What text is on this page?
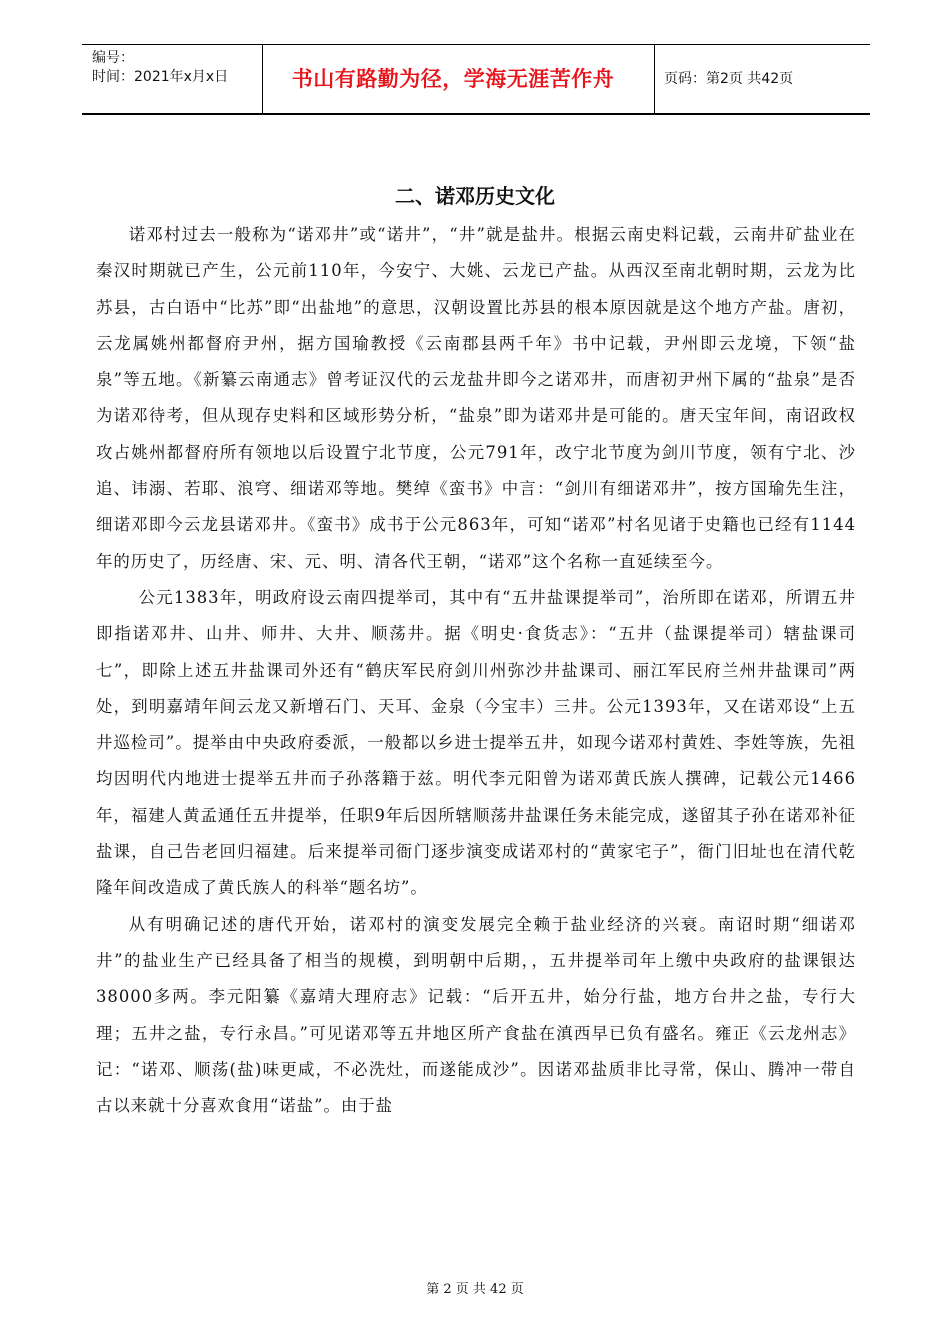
编号：
时间：2021年x月x日	书山有路勤为径，学海无涯苦作舟	页码：第2页 共42页
二、诺邓历史文化

诺邓村过去一般称为“诺邓井”或“诺井”，“井”就是盐井。根据云南史料记载，云南井矿盐业在秦汉时期就已产生，公元前110年，今安宁、大姚、云龙已产盐。从西汉至南北朝时期，云龙为比苏县，古白语中“比苏”即“出盐地”的意思，汉朝设置比苏县的根本原因就是这个地方产盐。唐初，云龙属姚州都督府尹州，据方国瑜教授《云南郡县两千年》书中记载，尹州即云龙境，下领“盐泉”等五地。《新纂云南通志》曾考证汉代的云龙盐井即今之诺邓井，而唐初尹州下属的“盐泉”是否为诺邓待考，但从现存史料和区域形势分析，“盐泉”即为诺邓井是可能的。唐天宝年间，南诏政权攻占姚州都督府所有领地以后设置宁北节度，公元791年，改宁北节度为剑川节度，领有宁北、沙追、讳溺、若耶、浪穹、细诺邓等地。樊绰《蛮书》中言：“剑川有细诺邓井”，按方国瑜先生注，细诺邓即今云龙县诺邓井。《蛮书》成书于公元863年，可知“诺邓”村名见诸于史籍也已经有1144年的历史了，历经唐、宋、元、明、清各代王朝，“诺邓”这个名称一直延续至今。

公元1383年，明政府设云南四提举司，其中有“五井盐课提举司”，治所即在诺邓，所谓五井即指诺邓井、山井、师井、大井、顺荡井。据《明史·食货志》：“五井（盐课提举司）辖盐课司七”，即除上述五井盐课司外还有“鹤庆军民府剑川州弥沙井盐课司、丽江军民府兰州井盐课司”两处，到明嘉靖年间云龙又新增石门、天耳、金泉（今宝丰）三井。公元1393年，又在诺邓设“上五井巡检司”。提举由中央政府委派，一般都以乡进士提举五井，如现今诺邓村黄姓、李姓等族，先祖均因明代内地进士提举五井而子孙落籍于兹。明代李元阳曾为诺邓黄氏族人撰碑，记载公元1466年，福建人黄孟通任五井提举，任职9年后因所辖顺荡井盐课任务未能完成，遂留其子孙在诺邓补征盐课，自己告老回归福建。后来提举司衙门逐步演变成诺邓村的“黄家宅子”，衙门旧址也在清代乾隆年间改造成了黄氏族人的科举“题名坊”。

从有明确记述的唐代开始，诺邓村的演变发展完全赖于盐业经济的兴衰。南诏时期“细诺邓井”的盐业生产已经具备了相当的规模，到明朝中后期，，五井提举司年上缴中央政府的盐课银达38000多两。李元阳纂《嘉靖大理府志》记载：“后开五井，始分行盐，地方台井之盐，专行大理；五井之盐，专行永昌。”可见诺邓等五井地区所产食盐在滇西早已负有盛名。雍正《云龙州志》记：“诺邓、顺荡(盐)味更咸，不必洗灶，而遂能成沙”。因诺邓盐质非比寻常，保山、腾冲一带自古以来就十分喜欢食用“诺盐”。由于盐

第 2 页 共 42 页
